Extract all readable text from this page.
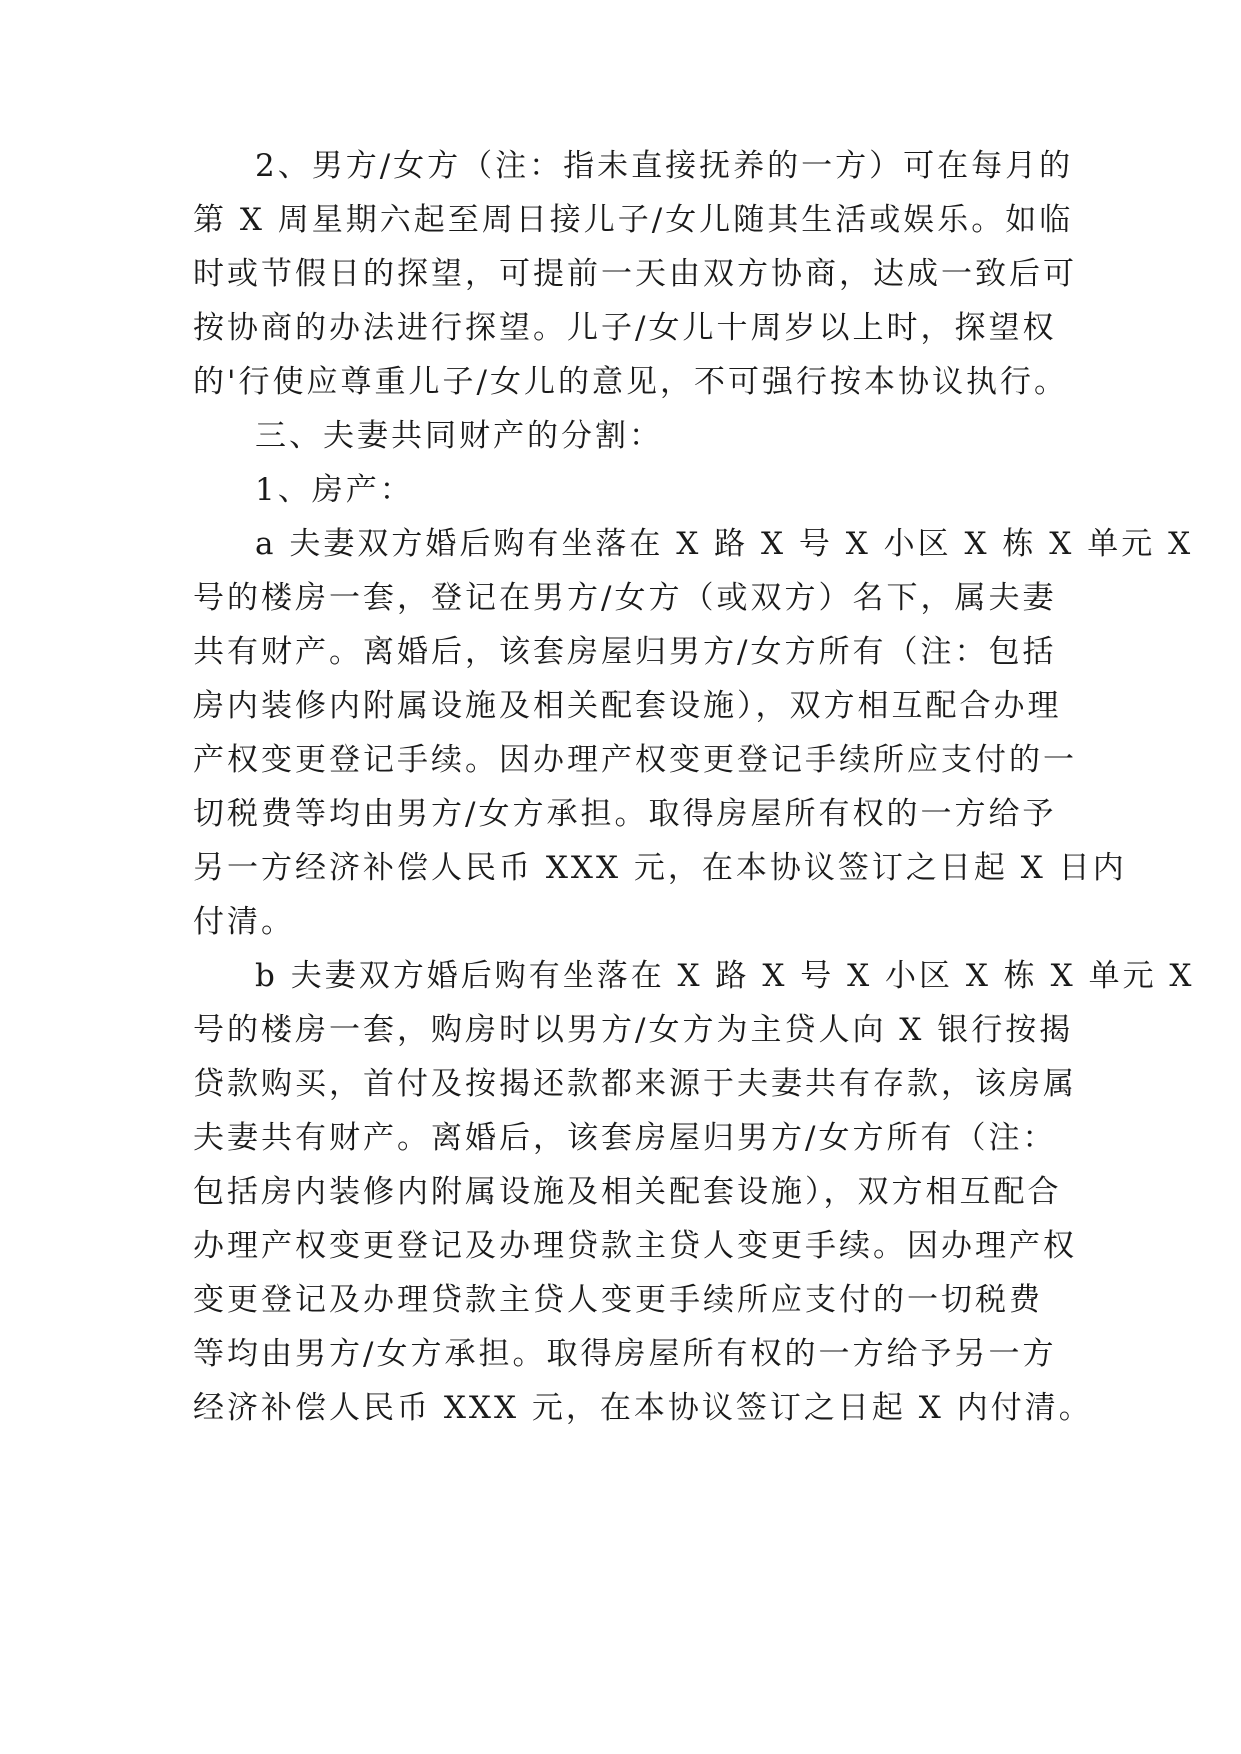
2、男方/女方（注：指未直接抚养的一方）可在每月的
第 X 周星期六起至周日接儿子/女儿随其生活或娱乐。如临
时或节假日的探望，可提前一天由双方协商，达成一致后可
按协商的办法进行探望。儿子/女儿十周岁以上时，探望权
的'行使应尊重儿子/女儿的意见，不可强行按本协议执行。
三、夫妻共同财产的分割：
1、房产：
a 夫妻双方婚后购有坐落在 X 路 X 号 X 小区 X 栋 X 单元 X
号的楼房一套，登记在男方/女方（或双方）名下，属夫妻
共有财产。离婚后，该套房屋归男方/女方所有（注：包括
房内装修内附属设施及相关配套设施），双方相互配合办理
产权变更登记手续。因办理产权变更登记手续所应支付的一
切税费等均由男方/女方承担。取得房屋所有权的一方给予
另一方经济补偿人民币 XXX 元，在本协议签订之日起 X 日内
付清。
b 夫妻双方婚后购有坐落在 X 路 X 号 X 小区 X 栋 X 单元 X
号的楼房一套，购房时以男方/女方为主贷人向 X 银行按揭
贷款购买，首付及按揭还款都来源于夫妻共有存款，该房属
夫妻共有财产。离婚后，该套房屋归男方/女方所有（注：
包括房内装修内附属设施及相关配套设施），双方相互配合
办理产权变更登记及办理贷款主贷人变更手续。因办理产权
变更登记及办理贷款主贷人变更手续所应支付的一切税费
等均由男方/女方承担。取得房屋所有权的一方给予另一方
经济补偿人民币 XXX 元，在本协议签订之日起 X 内付清。
